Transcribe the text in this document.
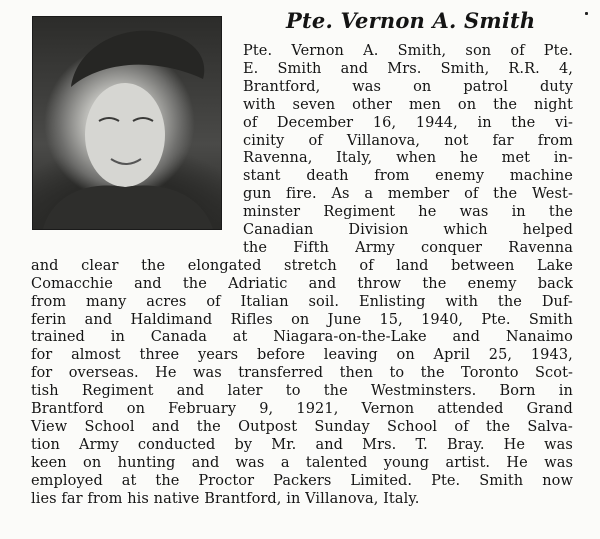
Pte. Vernon A. Smith
Pte. Vernon A. Smith, son of Pte.
E. Smith and Mrs. Smith, R.R. 4,
Brantford, was on patrol duty
with seven other men on the night
of December 16, 1944, in the vi-
cinity of Villanova, not far from
Ravenna, Italy, when he met in-
stant death from enemy machine
gun fire. As a member of the West-
minster Regiment he was in the
Canadian Division which helped
the Fifth Army conquer Ravenna
and clear the elongated stretch of land between Lake
Comacchie and the Adriatic and throw the enemy back
from many acres of Italian soil. Enlisting with the Duf-
ferin and Haldimand Rifles on June 15, 1940, Pte. Smith
trained in Canada at Niagara-on-the-Lake and Nanaimo
for almost three years before leaving on April 25, 1943,
for overseas. He was transferred then to the Toronto Scot-
tish Regiment and later to the Westminsters. Born in
Brantford on February 9, 1921, Vernon attended Grand
View School and the Outpost Sunday School of the Salva-
tion Army conducted by Mr. and Mrs. T. Bray. He was
keen on hunting and was a talented young artist. He was
employed at the Proctor Packers Limited. Pte. Smith now
lies far from his native Brantford, in Villanova, Italy.
